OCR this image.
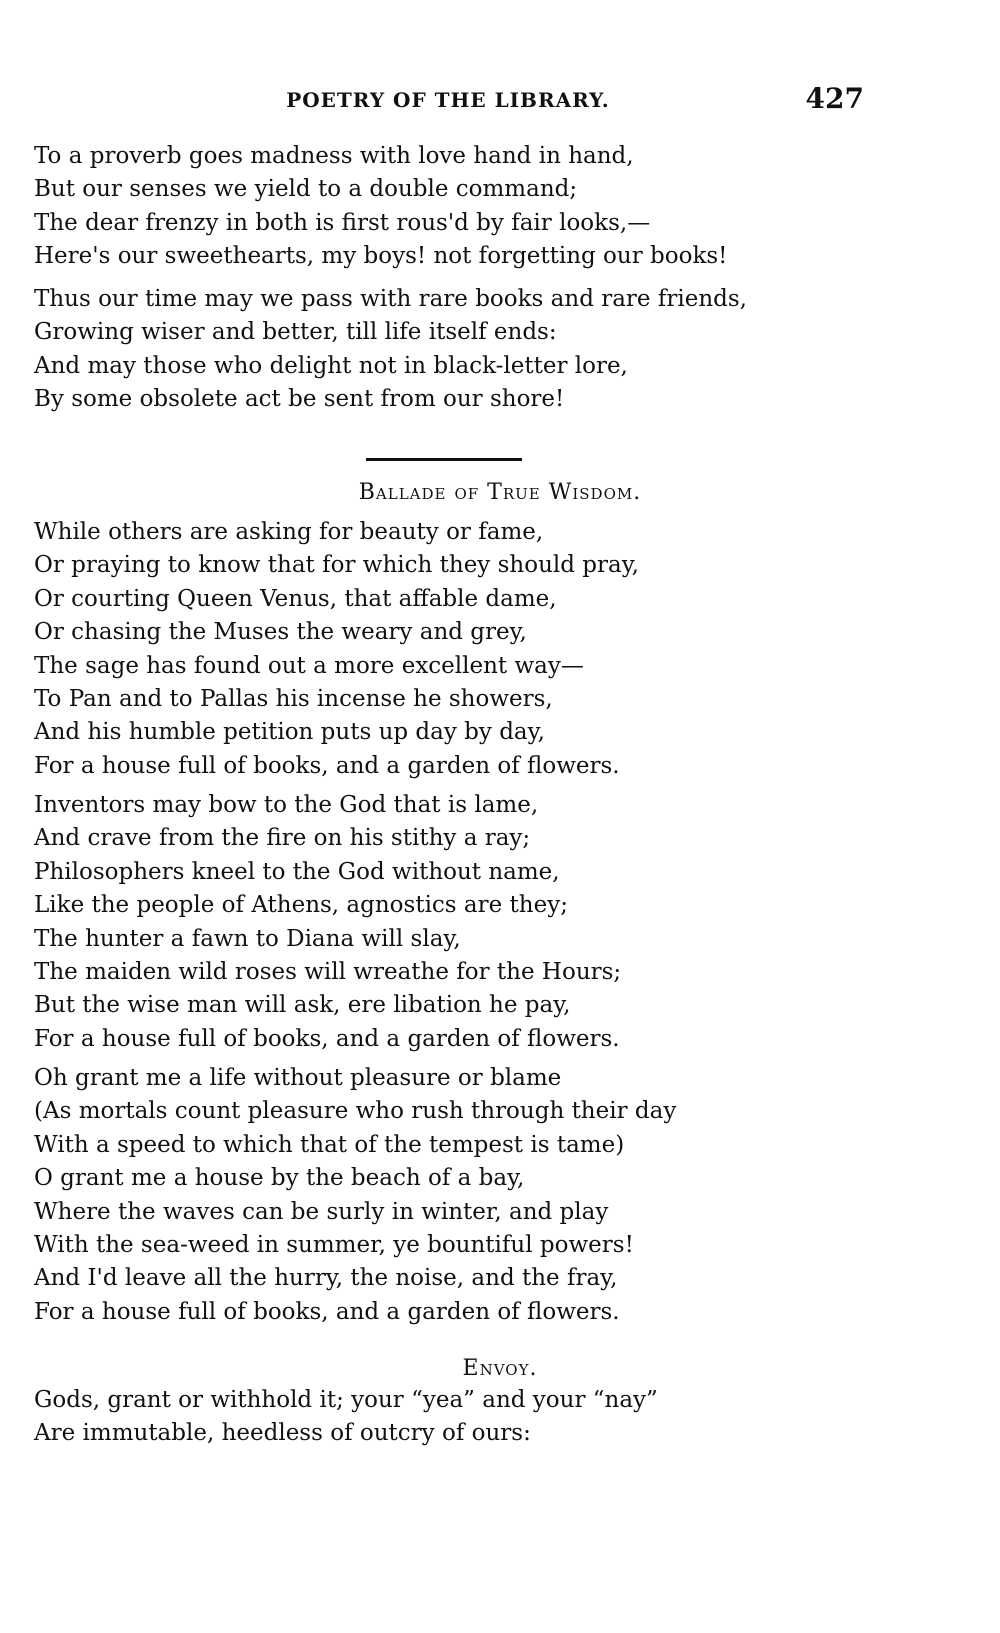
POETRY OF THE LIBRARY.	427
To a proverb goes madness with love hand in hand,
But our senses we yield to a double command;
The dear frenzy in both is first rous'd by fair looks,—
Here's our sweethearts, my boys! not forgetting our books!
Thus our time may we pass with rare books and rare friends,
Growing wiser and better, till life itself ends:
And may those who delight not in black-letter lore,
By some obsolete act be sent from our shore!
Ballade of True Wisdom.
While others are asking for beauty or fame,
Or praying to know that for which they should pray,
Or courting Queen Venus, that affable dame,
Or chasing the Muses the weary and grey,
The sage has found out a more excellent way—
To Pan and to Pallas his incense he showers,
And his humble petition puts up day by day,
For a house full of books, and a garden of flowers.
Inventors may bow to the God that is lame,
And crave from the fire on his stithy a ray;
Philosophers kneel to the God without name,
Like the people of Athens, agnostics are they;
The hunter a fawn to Diana will slay,
The maiden wild roses will wreathe for the Hours;
But the wise man will ask, ere libation he pay,
For a house full of books, and a garden of flowers.
Oh grant me a life without pleasure or blame
(As mortals count pleasure who rush through their day
With a speed to which that of the tempest is tame)
O grant me a house by the beach of a bay,
Where the waves can be surly in winter, and play
With the sea-weed in summer, ye bountiful powers!
And I'd leave all the hurry, the noise, and the fray,
For a house full of books, and a garden of flowers.
Envoy.
Gods, grant or withhold it; your “yea” and your “nay”
Are immutable, heedless of outcry of ours:
